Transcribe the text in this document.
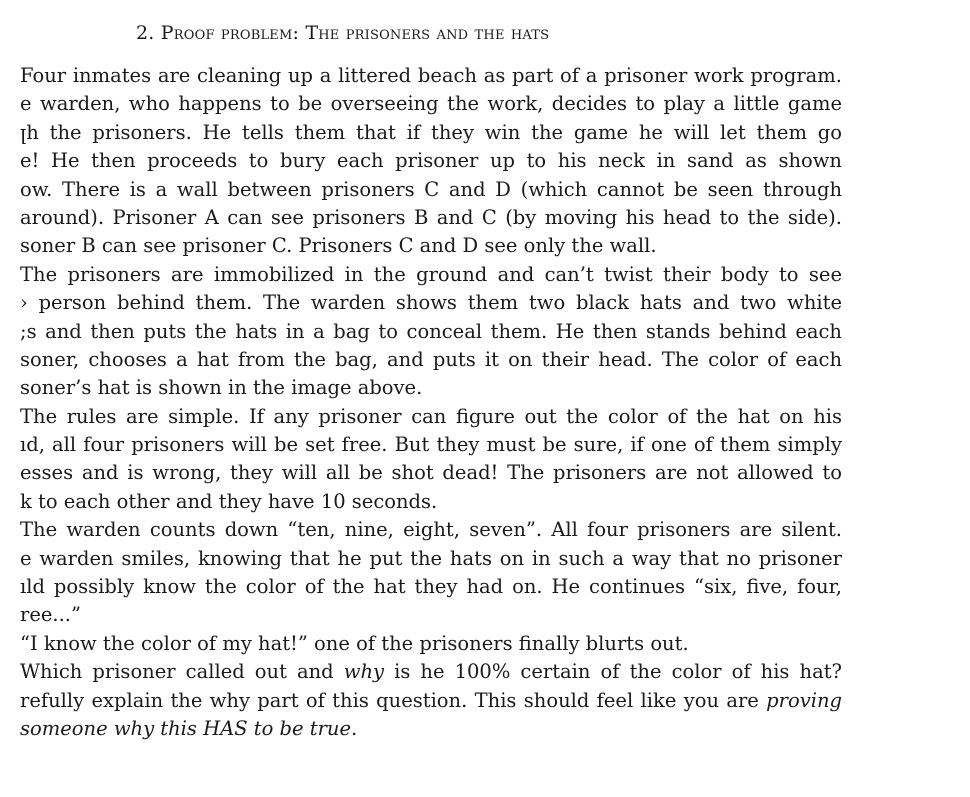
2. Proof problem: The prisoners and the hats
Four inmates are cleaning up a littered beach as part of a prisoner work program.
e warden, who happens to be overseeing the work, decides to play a little game
ꞁh the prisoners. He tells them that if they win the game he will let them go
e! He then proceeds to bury each prisoner up to his neck in sand as shown
ow. There is a wall between prisoners C and D (which cannot be seen through
around). Prisoner A can see prisoners B and C (by moving his head to the side).
soner B can see prisoner C. Prisoners C and D see only the wall.
The prisoners are immobilized in the ground and can’t twist their body to see
› person behind them. The warden shows them two black hats and two white
;s and then puts the hats in a bag to conceal them. He then stands behind each
soner, chooses a hat from the bag, and puts it on their head. The color of each
soner’s hat is shown in the image above.
The rules are simple. If any prisoner can figure out the color of the hat on his
ıd, all four prisoners will be set free. But they must be sure, if one of them simply
esses and is wrong, they will all be shot dead! The prisoners are not allowed to
k to each other and they have 10 seconds.
The warden counts down “ten, nine, eight, seven”. All four prisoners are silent.
e warden smiles, knowing that he put the hats on in such a way that no prisoner
ıld possibly know the color of the hat they had on. He continues “six, five, four,
ree...”
“I know the color of my hat!” one of the prisoners finally blurts out.
Which prisoner called out and why is he 100% certain of the color of his hat?
refully explain the why part of this question. This should feel like you are proving
someone why this HAS to be true.
